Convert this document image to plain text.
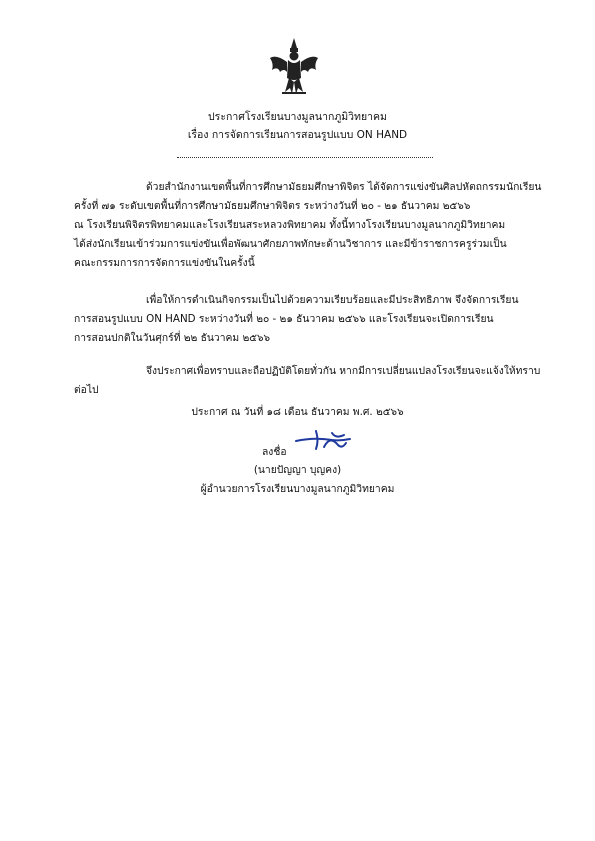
ประกาศโรงเรียนบางมูลนากภูมิวิทยาคม
เรื่อง การจัดการเรียนการสอนรูปแบบ ON HAND
ด้วยสำนักงานเขตพื้นที่การศึกษามัธยมศึกษาพิจิตร ได้จัดการแข่งขันศิลปหัตถกรรมนักเรียน
ครั้งที่ ๗๑ ระดับเขตพื้นที่การศึกษามัธยมศึกษาพิจิตร ระหว่างวันที่ ๒๐ - ๒๑ ธันวาคม ๒๕๖๖
ณ โรงเรียนพิจิตรพิทยาคมและโรงเรียนสระหลวงพิทยาคม ทั้งนี้ทางโรงเรียนบางมูลนากภูมิวิทยาคม
ได้ส่งนักเรียนเข้าร่วมการแข่งขันเพื่อพัฒนาศักยภาพทักษะด้านวิชาการ และมีข้าราชการครูร่วมเป็น
คณะกรรมการการจัดการแข่งขันในครั้งนี้
เพื่อให้การดำเนินกิจกรรมเป็นไปด้วยความเรียบร้อยและมีประสิทธิภาพ จึงจัดการเรียน
การสอนรูปแบบ ON HAND ระหว่างวันที่ ๒๐ - ๒๑ ธันวาคม ๒๕๖๖ และโรงเรียนจะเปิดการเรียน
การสอนปกติในวันศุกร์ที่ ๒๒ ธันวาคม ๒๕๖๖
จึงประกาศเพื่อทราบและถือปฏิบัติโดยทั่วกัน หากมีการเปลี่ยนแปลงโรงเรียนจะแจ้งให้ทราบ
ต่อไป
ประกาศ ณ วันที่ ๑๘ เดือน ธันวาคม พ.ศ. ๒๕๖๖
ลงชื่อ
(นายปัญญา บุญคง)
ผู้อำนวยการโรงเรียนบางมูลนากภูมิวิทยาคม
